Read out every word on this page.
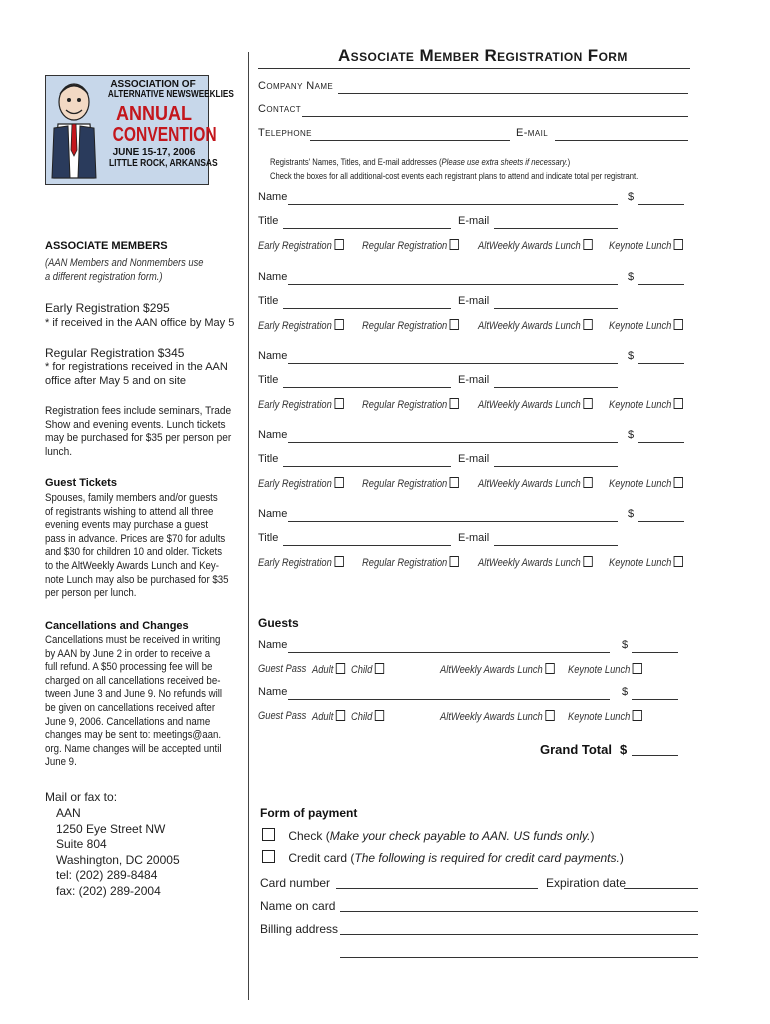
Associate Member Registration Form
ASSOCIATION OF
ALTERNATIVE NEWSWEEKLIES
ANNUAL
CONVENTION
JUNE 15-17, 2006
LITTLE ROCK, ARKANSAS
Company Name
Contact
Telephone	E-mail
Registrants' Names, Titles, and E-mail addresses (Please use extra sheets if necessary.)
Check the boxes for all additional-cost events each registrant plans to attend and indicate total per registrant.
Name	$
Title	E-mail
Early Registration	Regular Registration	AltWeekly Awards Lunch	Keynote Lunch
Name	$
Title	E-mail
Early Registration	Regular Registration	AltWeekly Awards Lunch	Keynote Lunch
Name	$
Title	E-mail
Early Registration	Regular Registration	AltWeekly Awards Lunch	Keynote Lunch
Name	$
Title	E-mail
Early Registration	Regular Registration	AltWeekly Awards Lunch	Keynote Lunch
Name	$
Title	E-mail
Early Registration	Regular Registration	AltWeekly Awards Lunch	Keynote Lunch
ASSOCIATE MEMBERS
(AAN Members and Nonmembers use
a different registration form.)
Early Registration $295
* if received in the AAN office by May 5
Regular Registration $345
* for registrations received in the AAN
office after May 5 and on site
Registration fees include seminars, Trade
Show and evening events. Lunch tickets
may be purchased for $35 per person per
lunch.
Guest Tickets
Spouses, family members and/or guests
of registrants wishing to attend all three
evening events may purchase a guest
pass in advance. Prices are $70 for adults
and $30 for children 10 and older. Tickets
to the AltWeekly Awards Lunch and Key-
note Lunch may also be purchased for $35
per person per lunch.
Cancellations and Changes
Cancellations must be received in writing
by AAN by June 2 in order to receive a
full refund. A $50 processing fee will be
charged on all cancellations received be-
tween June 3 and June 9. No refunds will
be given on cancellations received after
June 9, 2006. Cancellations and name
changes may be sent to: meetings@aan.
org. Name changes will be accepted until
June 9.
Mail or fax to:
AAN
1250 Eye Street NW
Suite 804
Washington, DC 20005
tel: (202) 289-8484
fax: (202) 289-2004
Guests
Name	$
Guest Pass Adult	Child	AltWeekly Awards Lunch	Keynote Lunch
Name	$
Guest Pass Adult	Child	AltWeekly Awards Lunch	Keynote Lunch
Grand Total $
Form of payment
Check (Make your check payable to AAN. US funds only.)
Credit card (The following is required for credit card payments.)
Card number	Expiration date
Name on card
Billing address
